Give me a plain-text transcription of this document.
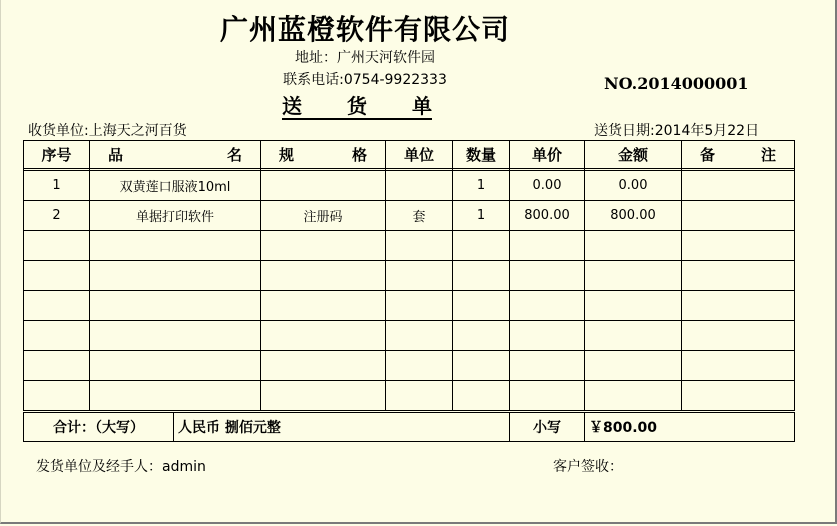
广州蓝橙软件有限公司
地址：广州天河软件园
联系电话:0754-9922333	NO.2014000001
送 货 单
收货单位:上海天之河百货	送货日期:2014年5月22日
序号	品 名	规 格	单位	数量	单价	金额	备 注

1	双黄莲口服液10ml			1	0.00	0.00	
2	单据打印软件	注册码	套	1	800.00	800.00	

合计：（大写）	人民币 捌佰元整	小写	￥800.00
发货单位及经手人：admin	客户签收：
